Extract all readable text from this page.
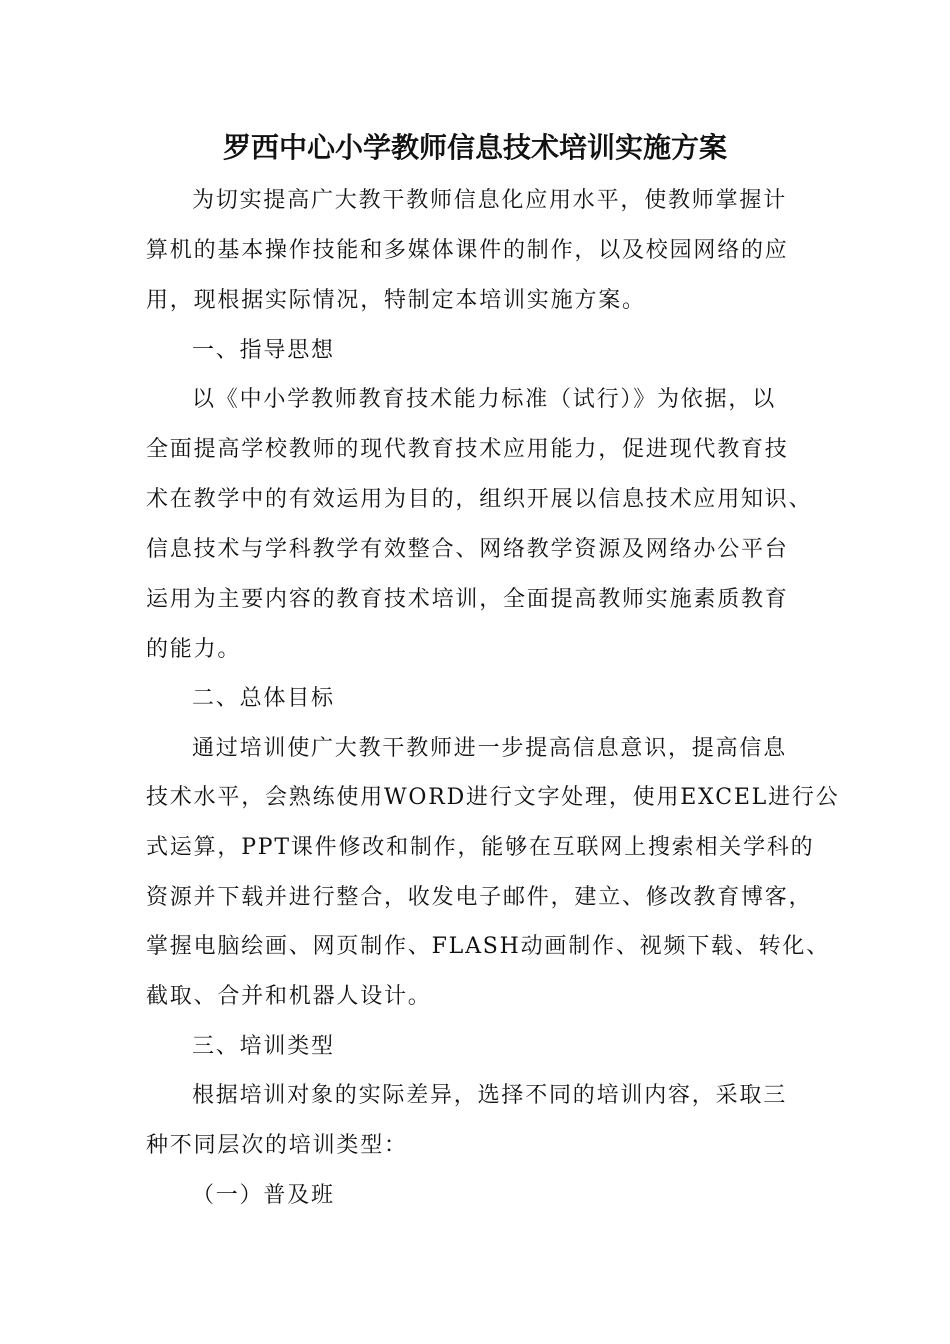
罗西中心小学教师信息技术培训实施方案
为切实提高广大教干教师信息化应用水平，使教师掌握计
算机的基本操作技能和多媒体课件的制作，以及校园网络的应
用，现根据实际情况，特制定本培训实施方案。
一、指导思想
以《中小学教师教育技术能力标准（试行）》为依据，以
全面提高学校教师的现代教育技术应用能力，促进现代教育技
术在教学中的有效运用为目的，组织开展以信息技术应用知识、
信息技术与学科教学有效整合、网络教学资源及网络办公平台
运用为主要内容的教育技术培训，全面提高教师实施素质教育
的能力。
二、总体目标
通过培训使广大教干教师进一步提高信息意识，提高信息
技术水平，会熟练使用WORD进行文字处理，使用EXCEL进行公
式运算，PPT课件修改和制作，能够在互联网上搜索相关学科的
资源并下载并进行整合，收发电子邮件，建立、修改教育博客，
掌握电脑绘画、网页制作、FLASH动画制作、视频下载、转化、
截取、合并和机器人设计。
三、培训类型
根据培训对象的实际差异，选择不同的培训内容，采取三
种不同层次的培训类型：
（一）普及班
